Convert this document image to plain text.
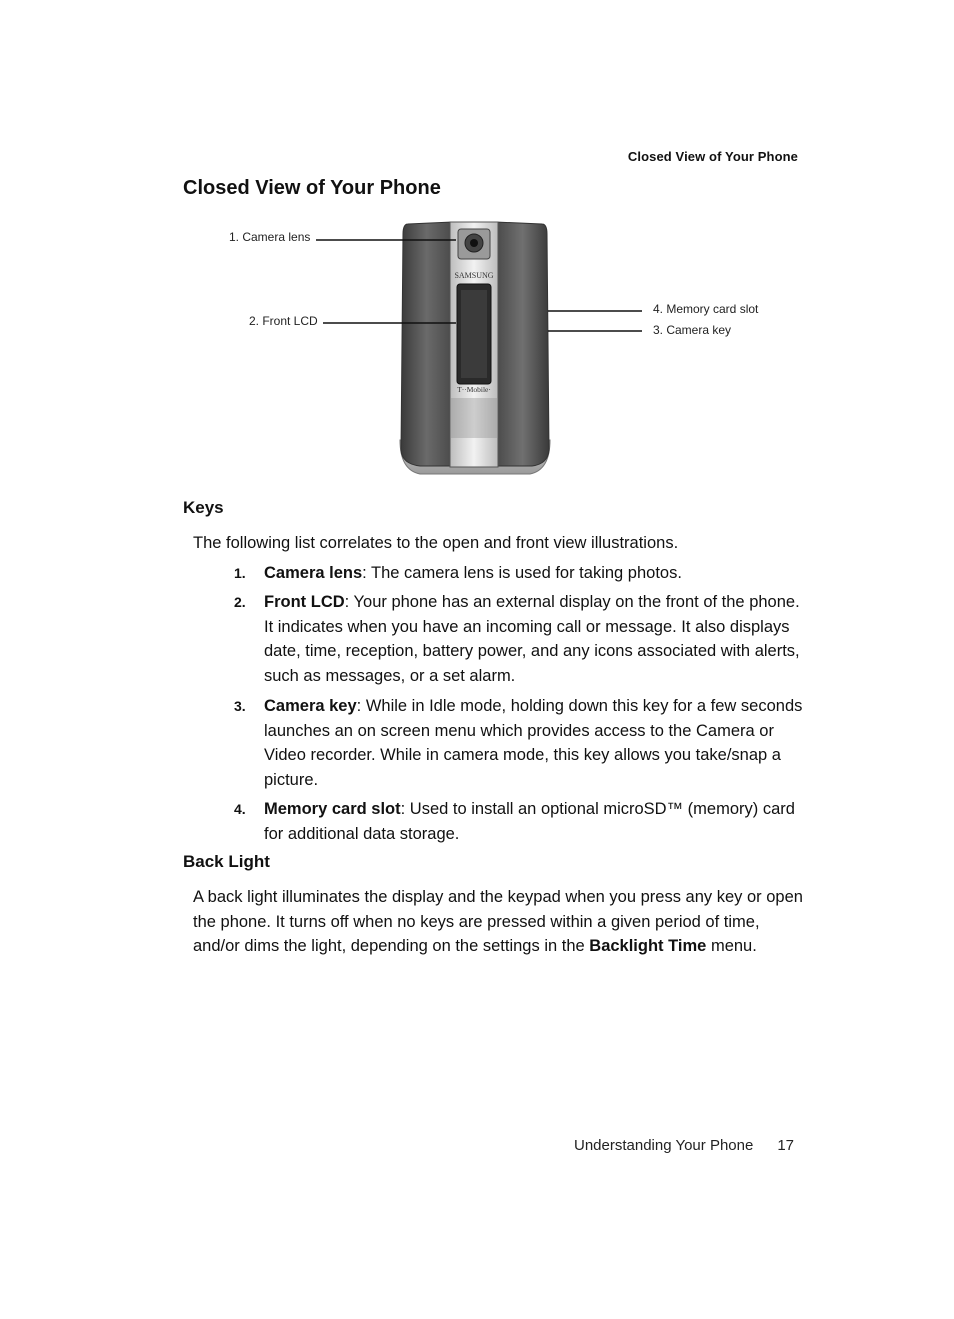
Closed View of Your Phone
Closed View of Your Phone
SAMSUNG
T··Mobile·
1. Camera lens
2. Front LCD
4. Memory card slot
3. Camera key
Keys

The following list correlates to the open and front view illustrations.

1. Camera lens: The camera lens is used for taking photos.
2. Front LCD: Your phone has an external display on the front of the phone. It indicates when you have an incoming call or message. It also displays date, time, reception, battery power, and any icons associated with alerts, such as messages, or a set alarm.
3. Camera key: While in Idle mode, holding down this key for a few seconds launches an on screen menu which provides access to the Camera or Video recorder. While in camera mode, this key allows you take/snap a picture.
4. Memory card slot: Used to install an optional microSD™ (memory) card for additional data storage.
Back Light

A back light illuminates the display and the keypad when you press any key or open the phone. It turns off when no keys are pressed within a given period of time, and/or dims the light, depending on the settings in the Backlight Time menu.

Understanding Your Phone 17
